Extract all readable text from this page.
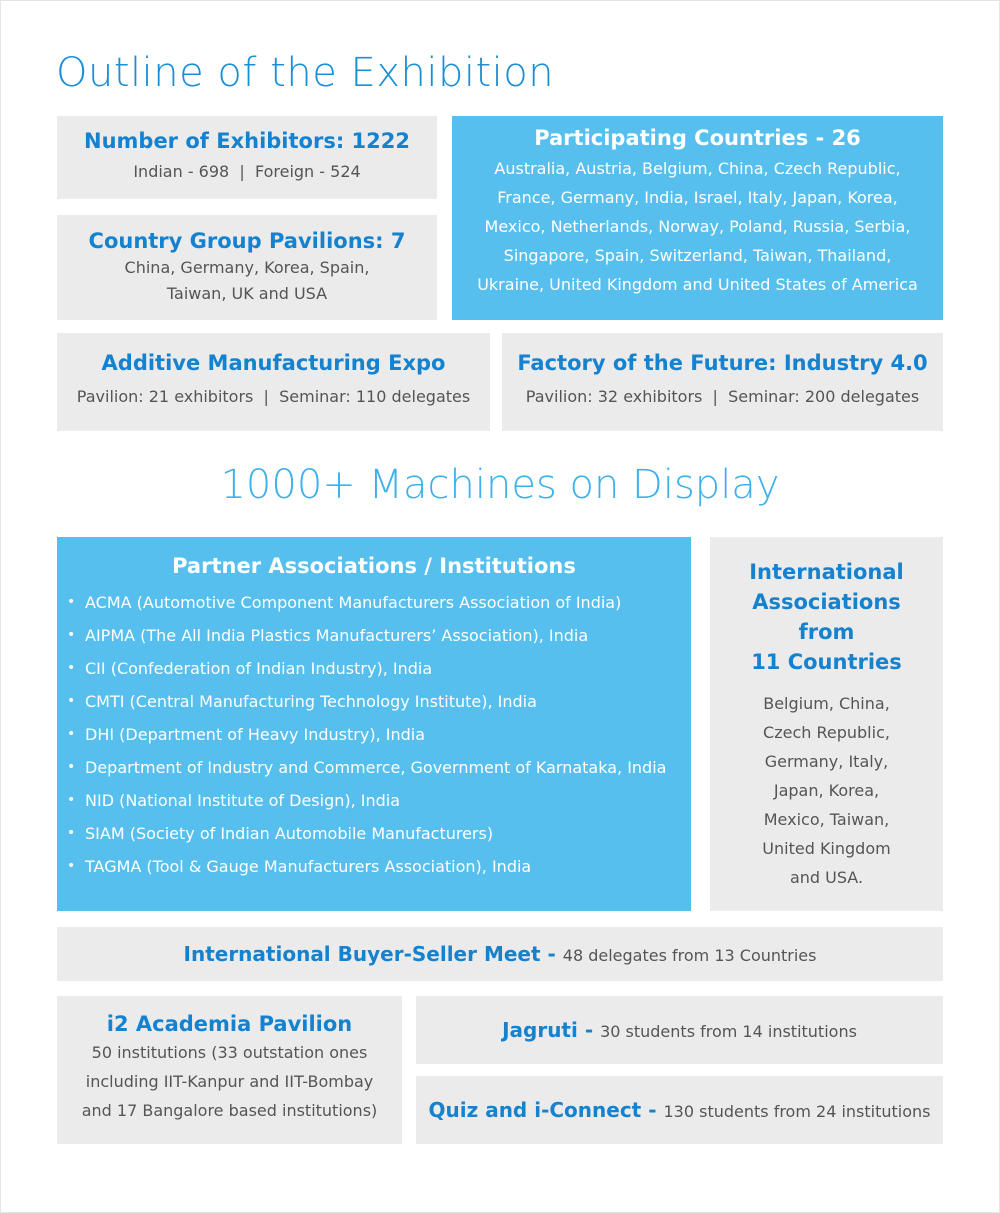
Outline of the Exhibition
Number of Exhibitors: 1222
Indian - 698  |  Foreign - 524
Country Group Pavilions: 7
China, Germany, Korea, Spain,
Taiwan, UK and USA
Participating Countries - 26
Australia, Austria, Belgium, China, Czech Republic,
France, Germany, India, Israel, Italy, Japan, Korea,
Mexico, Netherlands, Norway, Poland, Russia, Serbia,
Singapore, Spain, Switzerland, Taiwan, Thailand,
Ukraine, United Kingdom and United States of America
Additive Manufacturing Expo
Pavilion: 21 exhibitors  |  Seminar: 110 delegates
Factory of the Future: Industry 4.0
Pavilion: 32 exhibitors  |  Seminar: 200 delegates
1000+ Machines on Display
Partner Associations / Institutions
• ACMA (Automotive Component Manufacturers Association of India)
• AIPMA (The All India Plastics Manufacturers’ Association), India
• CII (Confederation of Indian Industry), India
• CMTI (Central Manufacturing Technology Institute), India
• DHI (Department of Heavy Industry), India
• Department of Industry and Commerce, Government of Karnataka, India
• NID (National Institute of Design), India
• SIAM (Society of Indian Automobile Manufacturers)
• TAGMA (Tool & Gauge Manufacturers Association), India
International
Associations
from
11 Countries
Belgium, China,
Czech Republic,
Germany, Italy,
Japan, Korea,
Mexico, Taiwan,
United Kingdom
and USA.
International Buyer-Seller Meet - 48 delegates from 13 Countries
i2 Academia Pavilion
50 institutions (33 outstation ones
including IIT-Kanpur and IIT-Bombay
and 17 Bangalore based institutions)
Jagruti - 30 students from 14 institutions
Quiz and i-Connect - 130 students from 24 institutions
